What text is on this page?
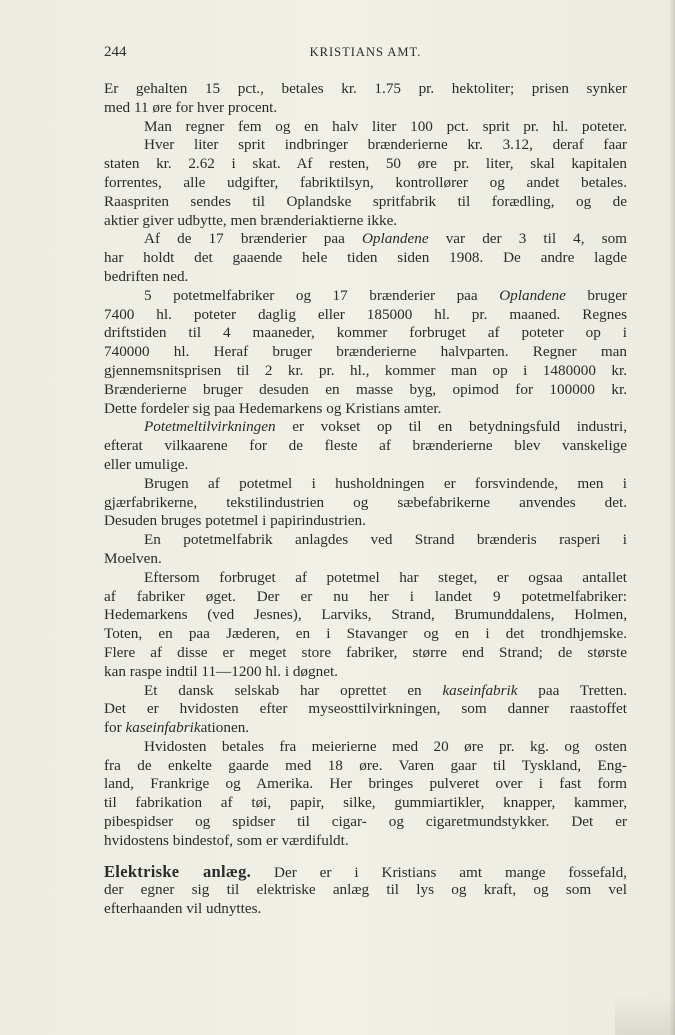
244	KRISTIANS AMT.
Er gehalten 15 pct., betales kr. 1.75 pr. hektoliter; prisen synker
med 11 øre for hver procent.
Man regner fem og en halv liter 100 pct. sprit pr. hl. poteter.
Hver liter sprit indbringer brænderierne kr. 3.12, deraf faar
staten kr. 2.62 i skat. Af resten, 50 øre pr. liter, skal kapitalen
forrentes, alle udgifter, fabriktilsyn, kontrollører og andet betales.
Raaspriten sendes til Oplandske spritfabrik til forædling, og de
aktier giver udbytte, men brænderiaktierne ikke.
Af de 17 brænderier paa Oplandene var der 3 til 4, som
har holdt det gaaende hele tiden siden 1908. De andre lagde
bedriften ned.
5 potetmelfabriker og 17 brænderier paa Oplandene bruger
7400 hl. poteter daglig eller 185000 hl. pr. maaned. Regnes
driftstiden til 4 maaneder, kommer forbruget af poteter op i
740000 hl. Heraf bruger brænderierne halvparten. Regner man
gjennemsnitsprisen til 2 kr. pr. hl., kommer man op i 1480000 kr.
Brænderierne bruger desuden en masse byg, opimod for 100000 kr.
Dette fordeler sig paa Hedemarkens og Kristians amter.
Potetmeltilvirkningen er vokset op til en betydningsfuld industri,
efterat vilkaarene for de fleste af brænderierne blev vanskelige
eller umulige.
Brugen af potetmel i husholdningen er forsvindende, men i
gjærfabrikerne, tekstilindustrien og sæbefabrikerne anvendes det.
Desuden bruges potetmel i papirindustrien.
En potetmelfabrik anlagdes ved Strand brænderis rasperi i
Moelven.
Eftersom forbruget af potetmel har steget, er ogsaa antallet
af fabriker øget. Der er nu her i landet 9 potetmelfabriker:
Hedemarkens (ved Jesnes), Larviks, Strand, Brumunddalens, Holmen,
Toten, en paa Jæderen, en i Stavanger og en i det trondhjemske.
Flere af disse er meget store fabriker, større end Strand; de største
kan raspe indtil 11—1200 hl. i døgnet.
Et dansk selskab har oprettet en kaseinfabrik paa Tretten.
Det er hvidosten efter myseosttilvirkningen, som danner raastoffet
for kaseinfabrikationen.
Hvidosten betales fra meierierne med 20 øre pr. kg. og osten
fra de enkelte gaarde med 18 øre. Varen gaar til Tyskland, Eng-
land, Frankrige og Amerika. Her bringes pulveret over i fast form
til fabrikation af tøi, papir, silke, gummiartikler, knapper, kammer,
pibespidser og spidser til cigar- og cigaretmundstykker. Det er
hvidostens bindestof, som er værdifuldt.
Elektriske anlæg. Der er i Kristians amt mange fossefald,
der egner sig til elektriske anlæg til lys og kraft, og som vel
efterhaanden vil udnyttes.
